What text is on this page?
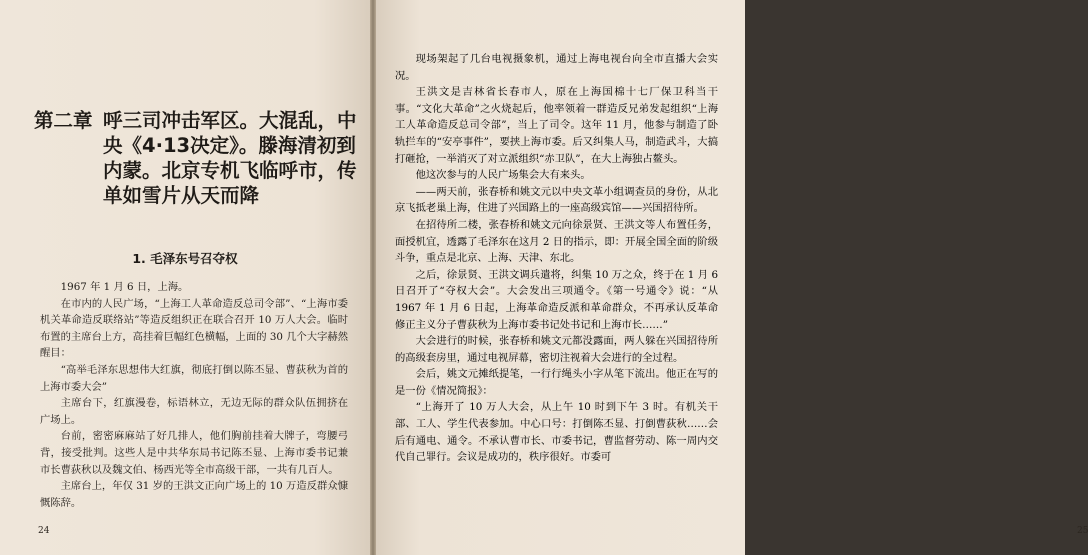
第二章 呼三司冲击军区。大混乱，中央《4·13决定》。滕海清初到内蒙。北京专机飞临呼市，传单如雪片从天而降
1. 毛泽东号召夺权

1967 年 1 月 6 日，上海。

在市内的人民广场，“上海工人革命造反总司令部”、“上海市委机关革命造反联络站”等造反组织正在联合召开 10 万人大会。临时布置的主席台上方，高挂着巨幅红色横幅，上面的 30 几个大字赫然醒目：

“高举毛泽东思想伟大红旗，彻底打倒以陈丕显、曹荻秋为首的上海市委大会”

主席台下，红旗漫卷，标语林立，无边无际的群众队伍拥挤在广场上。

台前，密密麻麻站了好几排人，他们胸前挂着大牌子，弯腰弓背，接受批判。这些人是中共华东局书记陈丕显、上海市委书记兼市长曹荻秋以及魏文伯、杨西光等全市高级干部，一共有几百人。

主席台上，年仅 31 岁的王洪文正向广场上的 10 万造反群众慷慨陈辞。

24	25

现场架起了几台电视摄象机，通过上海电视台向全市直播大会实况。

王洪文是吉林省长春市人，原在上海国棉十七厂保卫科当干事。“文化大革命”之火烧起后，他率领着一群造反兄弟发起组织“上海工人革命造反总司令部”，当上了司令。这年 11 月，他参与制造了卧轨拦车的“安亭事件”，要挟上海市委。后又纠集人马，制造武斗，大搞打砸抢，一举消灭了对立派组织“赤卫队”，在大上海独占鳌头。

他这次参与的人民广场集会大有来头。

——两天前，张春桥和姚文元以中央文革小组调查员的身份，从北京飞抵老巢上海，住进了兴国路上的一座高级宾馆——兴国招待所。

在招待所二楼，张春桥和姚文元向徐景贤、王洪文等人布置任务，面授机宜，透露了毛泽东在这月 2 日的指示，即：开展全国全面的阶级斗争，重点是北京、上海、天津、东北。

之后，徐景贤、王洪文调兵遣将，纠集 10 万之众，终于在 1 月 6 日召开了“夺权大会”。大会发出三项通令。《第一号通令》说：“从 1967 年 1 月 6 日起，上海革命造反派和革命群众，不再承认反革命修正主义分子曹荻秋为上海市委书记处书记和上海市长……”

大会进行的时候，张春桥和姚文元都没露面，两人躲在兴国招待所的高级套房里，通过电视屏幕，密切注视着大会进行的全过程。

会后，姚文元摊纸提笔，一行行绳头小字从笔下流出。他正在写的是一份《情况简报》：

“上海开了 10 万人大会，从上午 10 时到下午 3 时。有机关干部、工人、学生代表参加。中心口号：打倒陈丕显、打倒曹荻秋……会后有通电、通令。不承认曹市长、市委书记，曹监督劳动、陈一周内交代自己罪行。会议是成功的，秩序很好。市委可
